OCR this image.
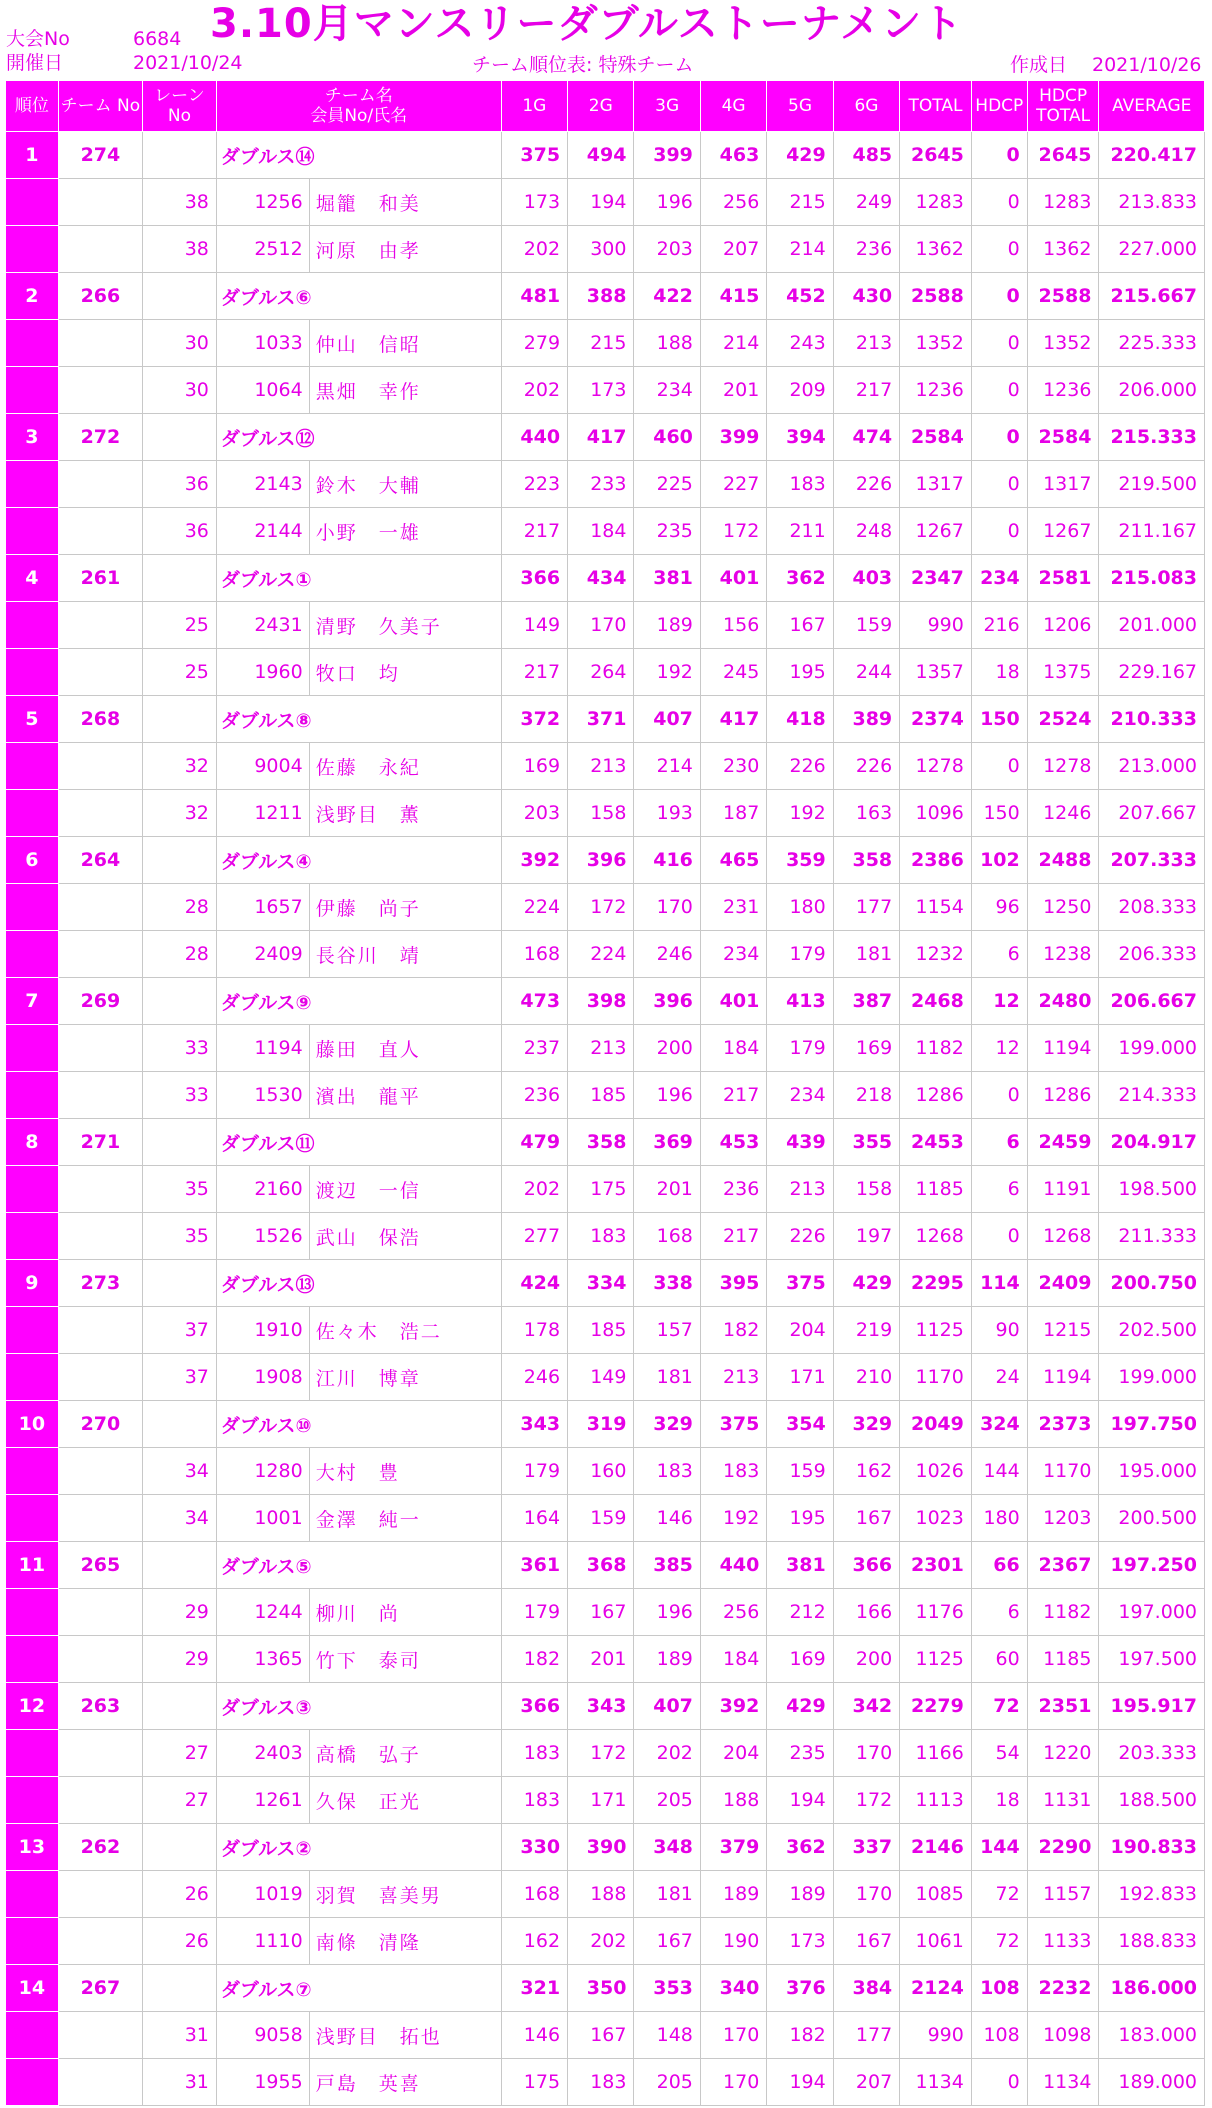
大会No	6684 3.10月マンスリーダブルストーナメント
開催日	2021/10/24	チーム順位表: 特殊チーム	作成日 2021/10/26
順位	チーム No	レーン No	チーム名
会員No/氏名		1G	2G	3G	4G	5G	6G	TOTAL	HDCP	HDCP
TOTAL	AVERAGE
1	274		ダブルス⑭		375	494	399	463	429	485	2645	0	2645	220.417
		38	1256	堀籠　和美	173	194	196	256	215	249	1283	0	1283	213.833
		38	2512	河原　由孝	202	300	203	207	214	236	1362	0	1362	227.000
2	266		ダブルス⑥		481	388	422	415	452	430	2588	0	2588	215.667
		30	1033	仲山　信昭	279	215	188	214	243	213	1352	0	1352	225.333
		30	1064	黒畑　幸作	202	173	234	201	209	217	1236	0	1236	206.000
3	272		ダブルス⑫		440	417	460	399	394	474	2584	0	2584	215.333
		36	2143	鈴木　大輔	223	233	225	227	183	226	1317	0	1317	219.500
		36	2144	小野　一雄	217	184	235	172	211	248	1267	0	1267	211.167
4	261		ダブルス①		366	434	381	401	362	403	2347	234	2581	215.083
		25	2431	清野　久美子	149	170	189	156	167	159	990	216	1206	201.000
		25	1960	牧口　均	217	264	192	245	195	244	1357	18	1375	229.167
5	268		ダブルス⑧		372	371	407	417	418	389	2374	150	2524	210.333
		32	9004	佐藤　永紀	169	213	214	230	226	226	1278	0	1278	213.000
		32	1211	浅野目　薫	203	158	193	187	192	163	1096	150	1246	207.667
6	264		ダブルス④		392	396	416	465	359	358	2386	102	2488	207.333
		28	1657	伊藤　尚子	224	172	170	231	180	177	1154	96	1250	208.333
		28	2409	長谷川　靖	168	224	246	234	179	181	1232	6	1238	206.333
7	269		ダブルス⑨		473	398	396	401	413	387	2468	12	2480	206.667
		33	1194	藤田　直人	237	213	200	184	179	169	1182	12	1194	199.000
		33	1530	濱出　龍平	236	185	196	217	234	218	1286	0	1286	214.333
8	271		ダブルス⑪		479	358	369	453	439	355	2453	6	2459	204.917
		35	2160	渡辺　一信	202	175	201	236	213	158	1185	6	1191	198.500
		35	1526	武山　保浩	277	183	168	217	226	197	1268	0	1268	211.333
9	273		ダブルス⑬		424	334	338	395	375	429	2295	114	2409	200.750
		37	1910	佐々木　浩二	178	185	157	182	204	219	1125	90	1215	202.500
		37	1908	江川　博章	246	149	181	213	171	210	1170	24	1194	199.000
10	270		ダブルス⑩		343	319	329	375	354	329	2049	324	2373	197.750
		34	1280	大村　豊	179	160	183	183	159	162	1026	144	1170	195.000
		34	1001	金澤　純一	164	159	146	192	195	167	1023	180	1203	200.500
11	265		ダブルス⑤		361	368	385	440	381	366	2301	66	2367	197.250
		29	1244	柳川　尚	179	167	196	256	212	166	1176	6	1182	197.000
		29	1365	竹下　泰司	182	201	189	184	169	200	1125	60	1185	197.500
12	263		ダブルス③		366	343	407	392	429	342	2279	72	2351	195.917
		27	2403	高橋　弘子	183	172	202	204	235	170	1166	54	1220	203.333
		27	1261	久保　正光	183	171	205	188	194	172	1113	18	1131	188.500
13	262		ダブルス②		330	390	348	379	362	337	2146	144	2290	190.833
		26	1019	羽賀　喜美男	168	188	181	189	189	170	1085	72	1157	192.833
		26	1110	南條　清隆	162	202	167	190	173	167	1061	72	1133	188.833
14	267		ダブルス⑦		321	350	353	340	376	384	2124	108	2232	186.000
		31	9058	浅野目　拓也	146	167	148	170	182	177	990	108	1098	183.000
		31	1955	戸島　英喜	175	183	205	170	194	207	1134	0	1134	189.000
